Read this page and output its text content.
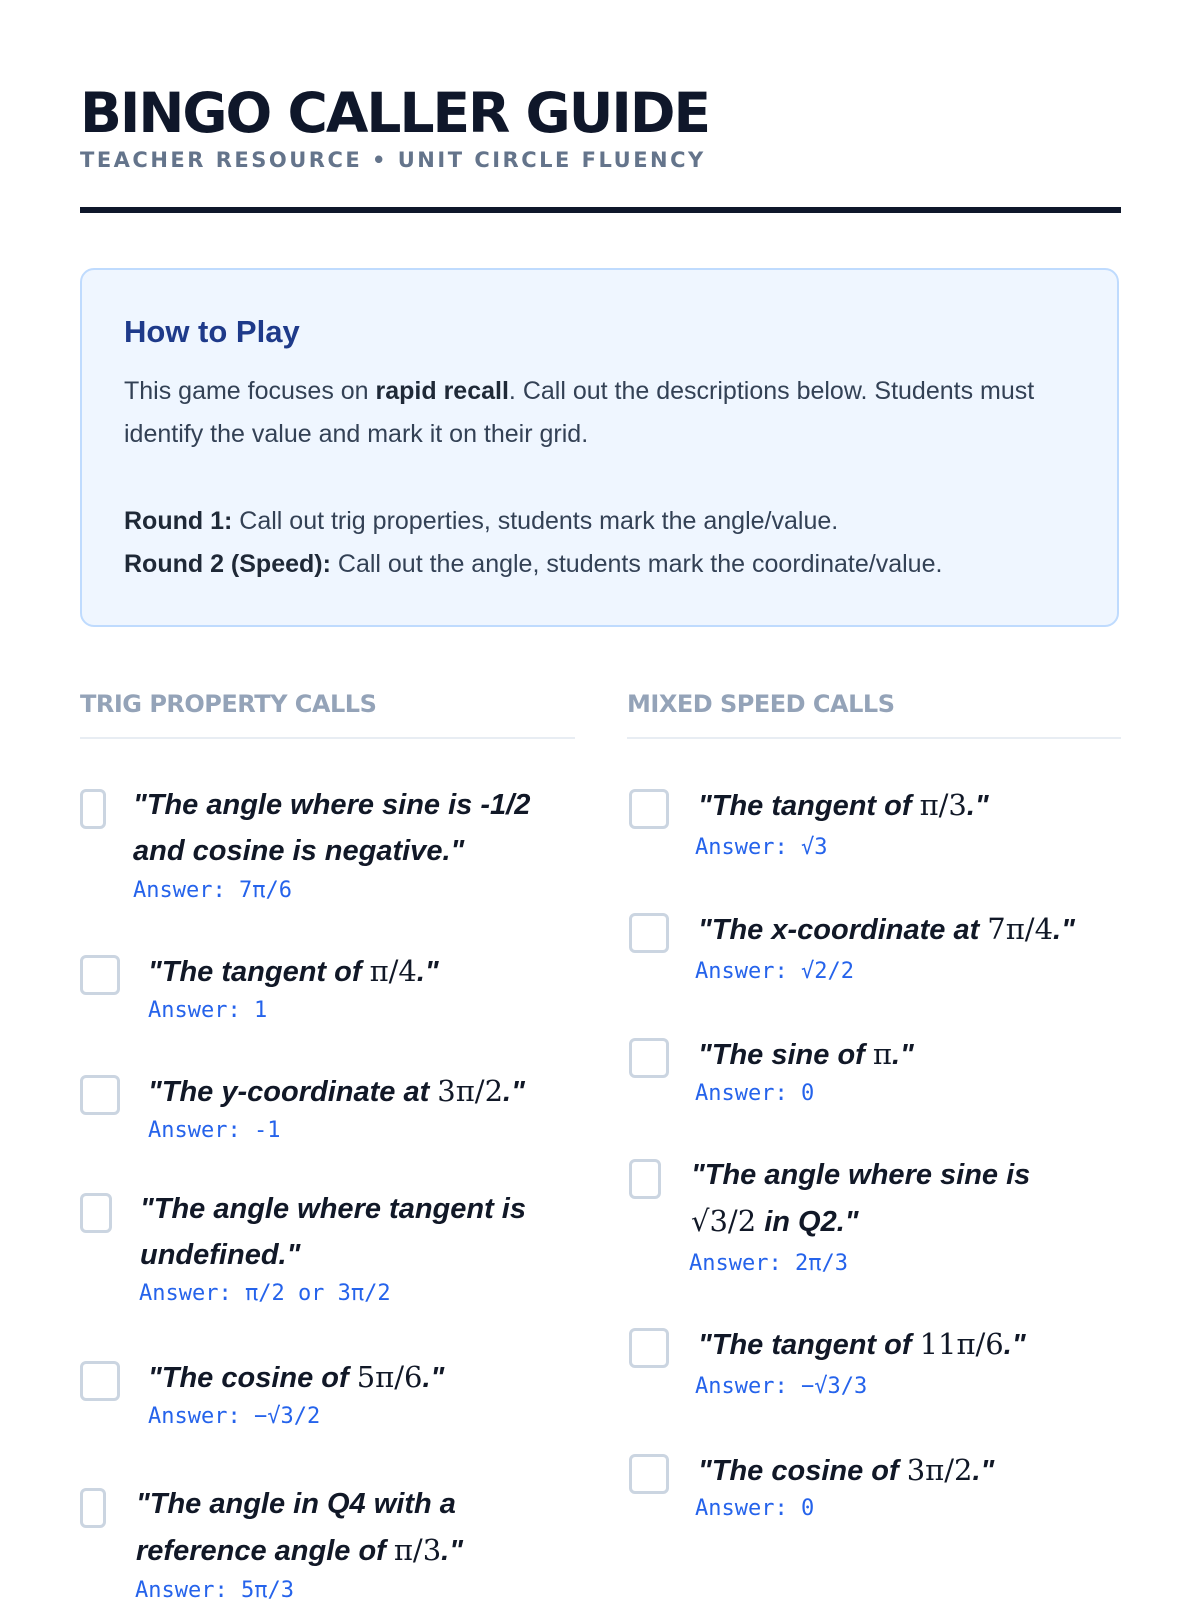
BINGO CALLER GUIDE
TEACHER RESOURCE • UNIT CIRCLE FLUENCY
How to Play
This game focuses on rapid recall. Call out the descriptions below. Students must identify the value and mark it on their grid.
Round 1: Call out trig properties, students mark the angle/value.
Round 2 (Speed): Call out the angle, students mark the coordinate/value.
TRIG PROPERTY CALLS
"The angle where sine is -1/2
and cosine is negative."
Answer: 7π/6
"The tangent of π/4."
Answer: 1
"The y-coordinate at 3π/2."
Answer: -1
"The angle where tangent is
undefined."
Answer: π/2 or 3π/2
"The cosine of 5π/6."
Answer: −√3/2
"The angle in Q4 with a
reference angle of π/3."
Answer: 5π/3
MIXED SPEED CALLS
"The tangent of π/3."
Answer: √3
"The x-coordinate at 7π/4."
Answer: √2/2
"The sine of π."
Answer: 0
"The angle where sine is
√3/2 in Q2."
Answer: 2π/3
"The tangent of 11π/6."
Answer: −√3/3
"The cosine of 3π/2."
Answer: 0
